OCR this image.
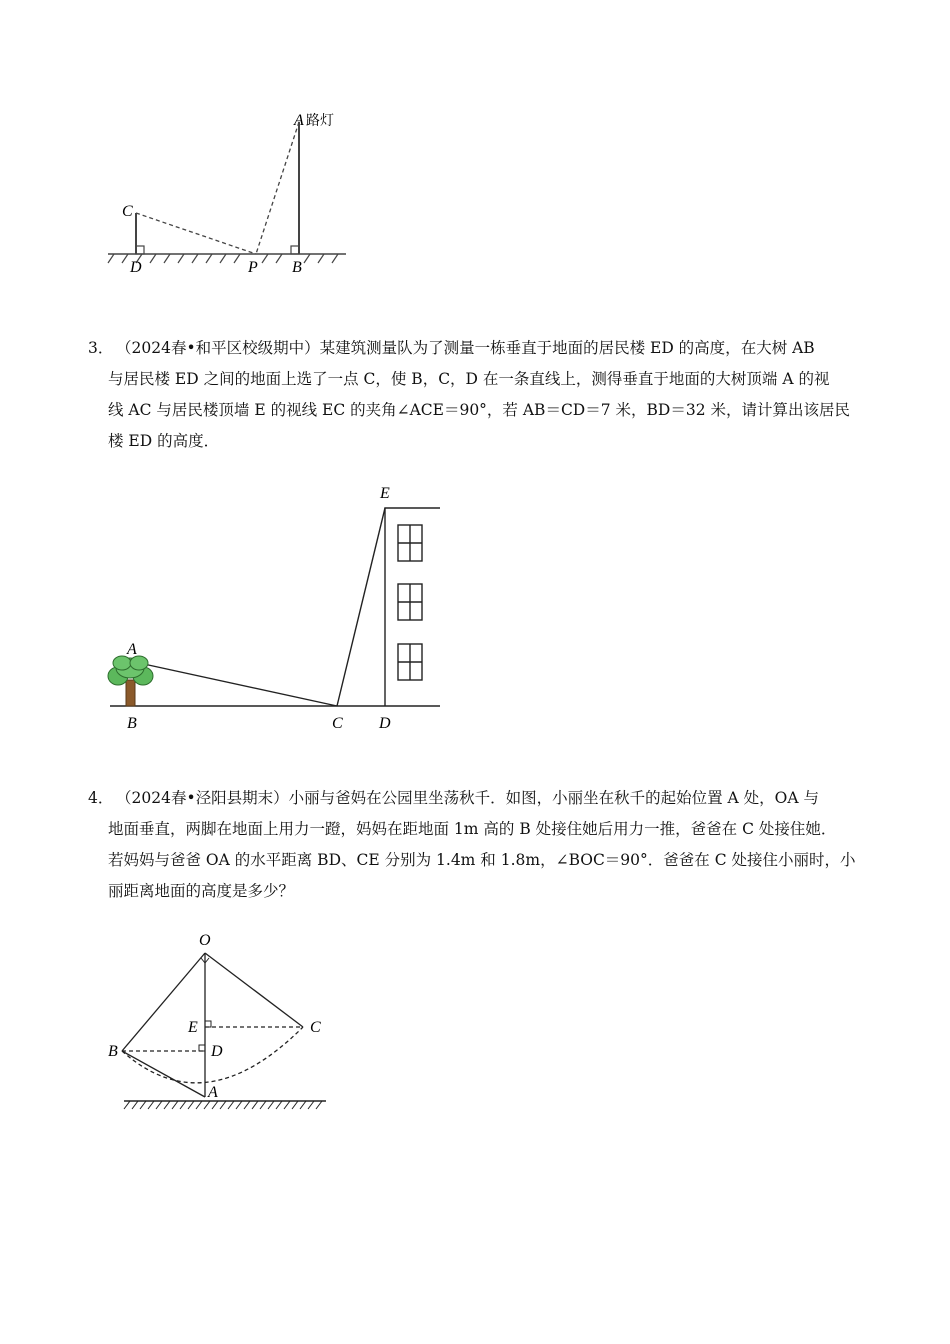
A 路灯
C
D	P B
3． （2024春•和平区校级期中）某建筑测量队为了测量一栋垂直于地面的居民楼 ED 的高度，在大树 AB
与居民楼 ED 之间的地面上选了一点 C，使 B，C，D 在一条直线上，测得垂直于地面的大树顶端 A 的视
线 AC 与居民楼顶墙 E 的视线 EC 的夹角∠ACE＝90°，若 AB＝CD＝7 米，BD＝32 米，请计算出该居民
楼 ED 的高度．
E
A
B	C D
4． （2024春•泾阳县期末）小丽与爸妈在公园里坐荡秋千．如图，小丽坐在秋千的起始位置 A 处，OA 与
地面垂直，两脚在地面上用力一蹬，妈妈在距地面 1m 高的 B 处接住她后用力一推，爸爸在 C 处接住她．
若妈妈与爸爸 OA 的水平距离 BD、CE 分别为 1.4m 和 1.8m，∠BOC＝90°．爸爸在 C 处接住小丽时，小
丽距离地面的高度是多少？
O
E	C
B	D
A
